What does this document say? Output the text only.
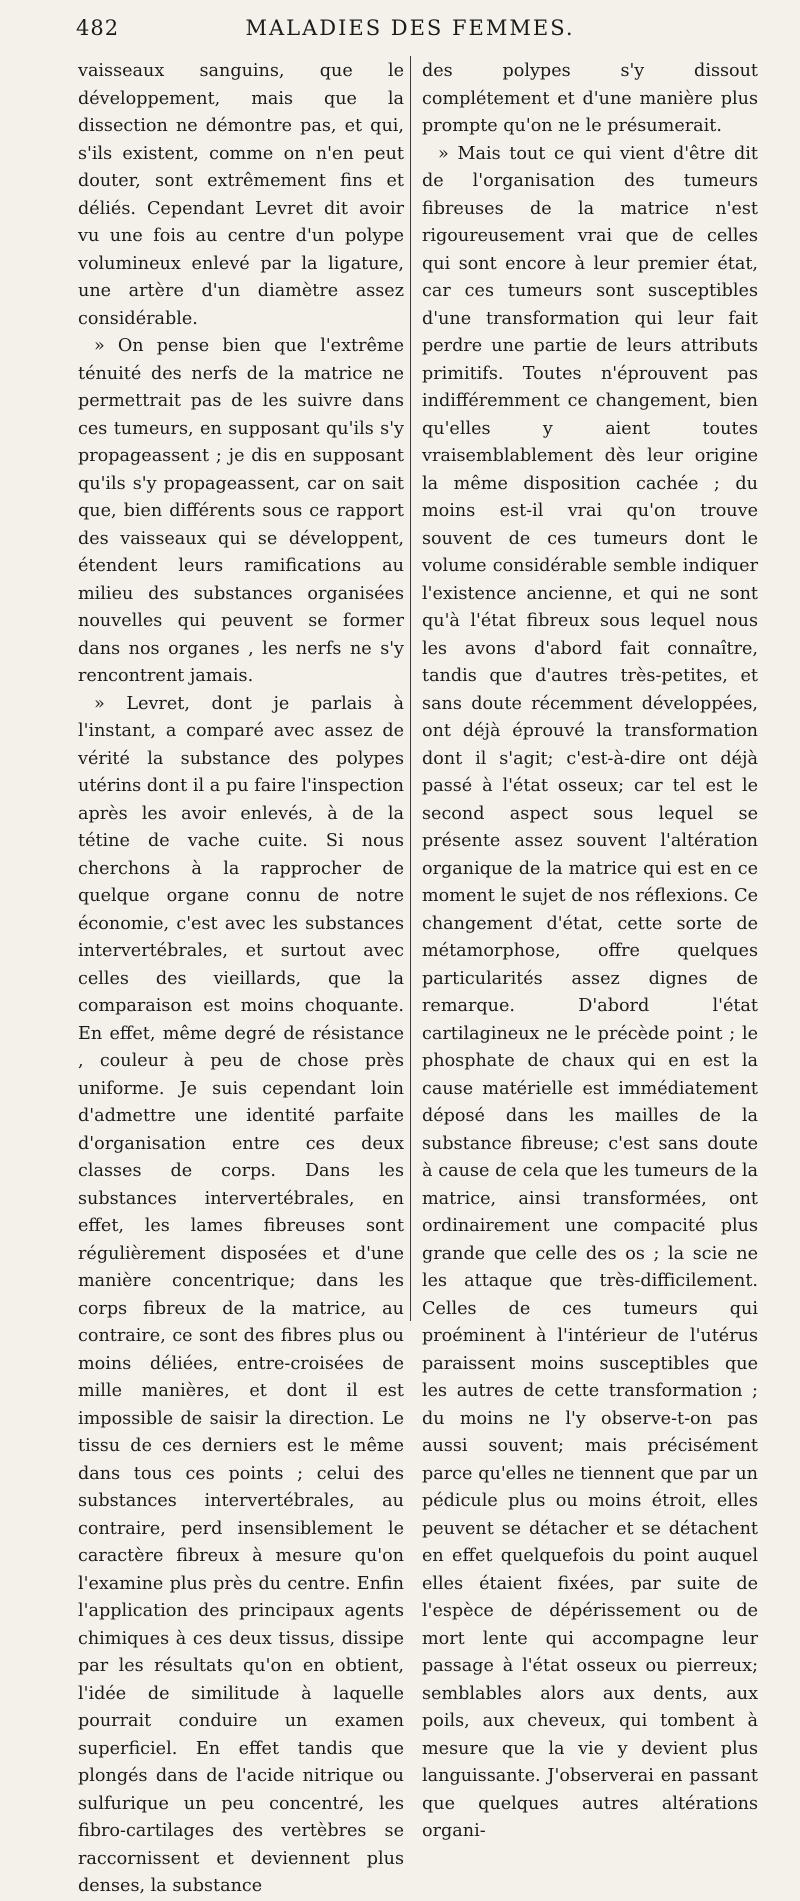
482	MALADIES DES FEMMES.

vaisseaux sanguins, que le développement, mais que la dissection ne démontre pas, et qui, s'ils existent, comme on n'en peut douter, sont extrêmement fins et déliés. Cependant Levret dit avoir vu une fois au centre d'un polype volumineux enlevé par la ligature, une artère d'un diamètre assez considérable.

» On pense bien que l'extrême ténuité des nerfs de la matrice ne permettrait pas de les suivre dans ces tumeurs, en supposant qu'ils s'y propageassent ; je dis en supposant qu'ils s'y propageassent, car on sait que, bien différents sous ce rapport des vaisseaux qui se développent, étendent leurs ramifications au milieu des substances organisées nouvelles qui peuvent se former dans nos organes , les nerfs ne s'y rencontrent jamais.

» Levret, dont je parlais à l'instant, a comparé avec assez de vérité la substance des polypes utérins dont il a pu faire l'inspection après les avoir enlevés, à de la tétine de vache cuite. Si nous cherchons à la rapprocher de quelque organe connu de notre économie, c'est avec les substances intervertébrales, et surtout avec celles des vieillards, que la comparaison est moins choquante. En effet, même degré de résistance , couleur à peu de chose près uniforme. Je suis cependant loin d'admettre une identité parfaite d'organisation entre ces deux classes de corps. Dans les substances intervertébrales, en effet, les lames fibreuses sont régulièrement disposées et d'une manière concentrique; dans les corps fibreux de la matrice, au contraire, ce sont des fibres plus ou moins déliées, entre-croisées de mille manières, et dont il est impossible de saisir la direction. Le tissu de ces derniers est le même dans tous ces points ; celui des substances intervertébrales, au contraire, perd insensiblement le caractère fibreux à mesure qu'on l'examine plus près du centre. Enfin l'application des principaux agents chimiques à ces deux tissus, dissipe par les résultats qu'on en obtient, l'idée de similitude à laquelle pourrait conduire un examen superficiel. En effet tandis que plongés dans de l'acide nitrique ou sulfurique un peu concentré, les fibro-cartilages des vertèbres se raccornissent et deviennent plus denses, la substance

des polypes s'y dissout complétement et d'une manière plus prompte qu'on ne le présumerait.

» Mais tout ce qui vient d'être dit de l'organisation des tumeurs fibreuses de la matrice n'est rigoureusement vrai que de celles qui sont encore à leur premier état, car ces tumeurs sont susceptibles d'une transformation qui leur fait perdre une partie de leurs attributs primitifs. Toutes n'éprouvent pas indifféremment ce changement, bien qu'elles y aient toutes vraisemblablement dès leur origine la même disposition cachée ; du moins est-il vrai qu'on trouve souvent de ces tumeurs dont le volume considérable semble indiquer l'existence ancienne, et qui ne sont qu'à l'état fibreux sous lequel nous les avons d'abord fait connaître, tandis que d'autres très-petites, et sans doute récemment développées, ont déjà éprouvé la transformation dont il s'agit; c'est-à-dire ont déjà passé à l'état osseux; car tel est le second aspect sous lequel se présente assez souvent l'altération organique de la matrice qui est en ce moment le sujet de nos réflexions. Ce changement d'état, cette sorte de métamorphose, offre quelques particularités assez dignes de remarque. D'abord l'état cartilagineux ne le précède point ; le phosphate de chaux qui en est la cause matérielle est immédiatement déposé dans les mailles de la substance fibreuse; c'est sans doute à cause de cela que les tumeurs de la matrice, ainsi transformées, ont ordinairement une compacité plus grande que celle des os ; la scie ne les attaque que très-difficilement. Celles de ces tumeurs qui proéminent à l'intérieur de l'utérus paraissent moins susceptibles que les autres de cette transformation ; du moins ne l'y observe-t-on pas aussi souvent; mais précisément parce qu'elles ne tiennent que par un pédicule plus ou moins étroit, elles peuvent se détacher et se détachent en effet quelquefois du point auquel elles étaient fixées, par suite de l'espèce de dépérissement ou de mort lente qui accompagne leur passage à l'état osseux ou pierreux; semblables alors aux dents, aux poils, aux cheveux, qui tombent à mesure que la vie y devient plus languissante. J'observerai en passant que quelques autres altérations organi-
